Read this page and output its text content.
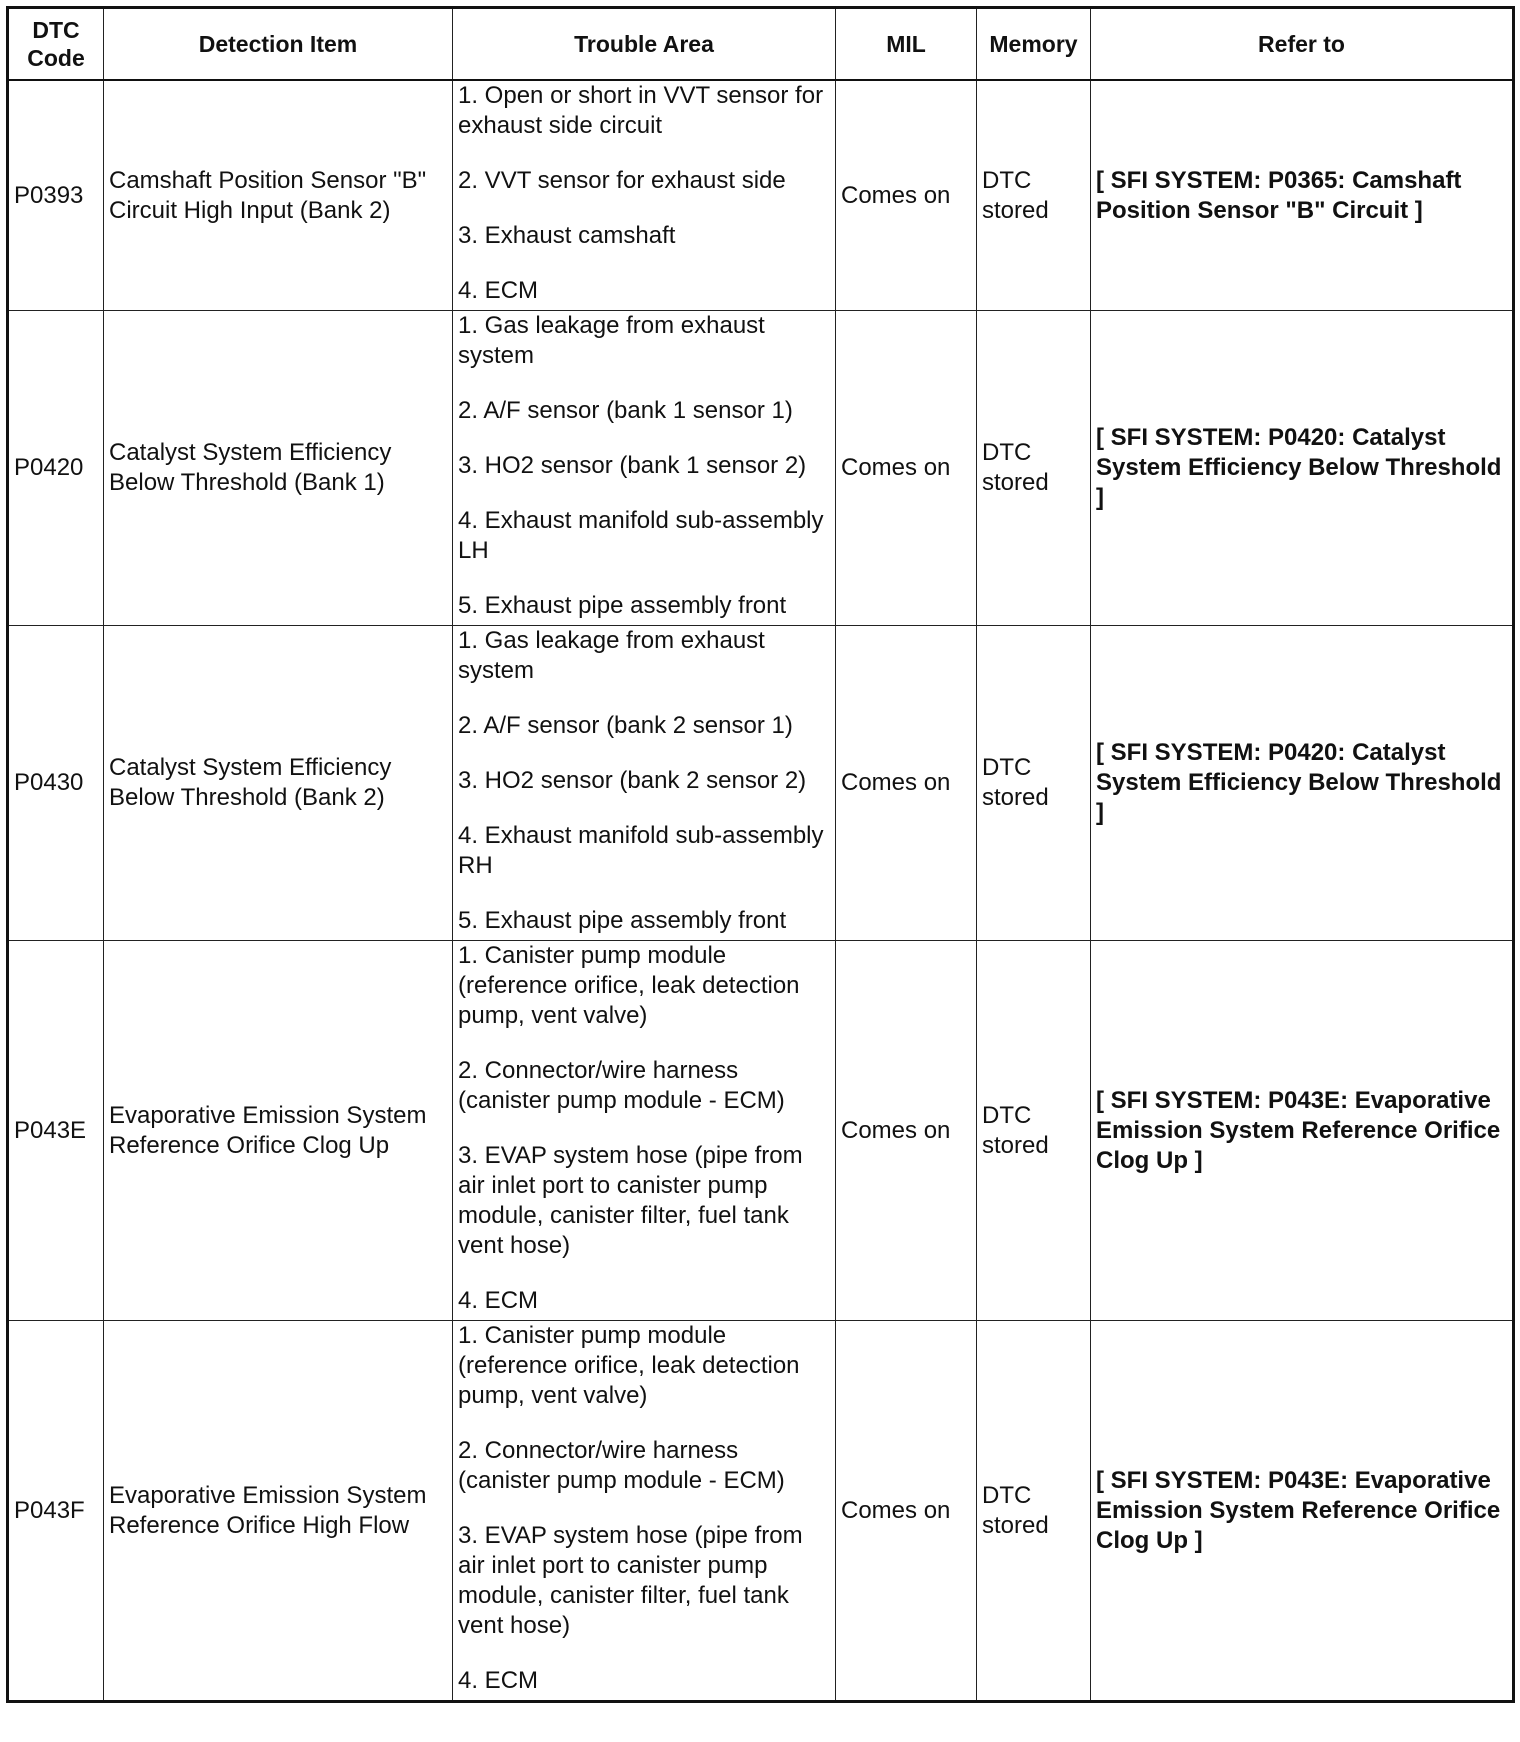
DTC
Code	Detection Item	Trouble Area	MIL	Memory	Refer to
P0393	Camshaft Position Sensor "B" Circuit High Input (Bank 2)	1. Open or short in VVT sensor for exhaust side circuit
2. VVT sensor for exhaust side
3. Exhaust camshaft
4. ECM	Comes on	DTC stored	[ SFI SYSTEM: P0365: Camshaft Position Sensor "B" Circuit ]
P0420	Catalyst System Efficiency Below Threshold (Bank 1)	1. Gas leakage from exhaust system
2. A/F sensor (bank 1 sensor 1)
3. HO2 sensor (bank 1 sensor 2)
4. Exhaust manifold sub-assembly LH
5. Exhaust pipe assembly front	Comes on	DTC stored	[ SFI SYSTEM: P0420: Catalyst System Efficiency Below Threshold ]
P0430	Catalyst System Efficiency Below Threshold (Bank 2)	1. Gas leakage from exhaust system
2. A/F sensor (bank 2 sensor 1)
3. HO2 sensor (bank 2 sensor 2)
4. Exhaust manifold sub-assembly RH
5. Exhaust pipe assembly front	Comes on	DTC stored	[ SFI SYSTEM: P0420: Catalyst System Efficiency Below Threshold ]
P043E	Evaporative Emission System Reference Orifice Clog Up	1. Canister pump module (reference orifice, leak detection pump, vent valve)
2. Connector/wire harness (canister pump module - ECM)
3. EVAP system hose (pipe from air inlet port to canister pump module, canister filter, fuel tank vent hose)
4. ECM	Comes on	DTC stored	[ SFI SYSTEM: P043E: Evaporative Emission System Reference Orifice Clog Up ]
P043F	Evaporative Emission System Reference Orifice High Flow	1. Canister pump module (reference orifice, leak detection pump, vent valve)
2. Connector/wire harness (canister pump module - ECM)
3. EVAP system hose (pipe from air inlet port to canister pump module, canister filter, fuel tank vent hose)
4. ECM	Comes on	DTC stored	[ SFI SYSTEM: P043E: Evaporative Emission System Reference Orifice Clog Up ]
